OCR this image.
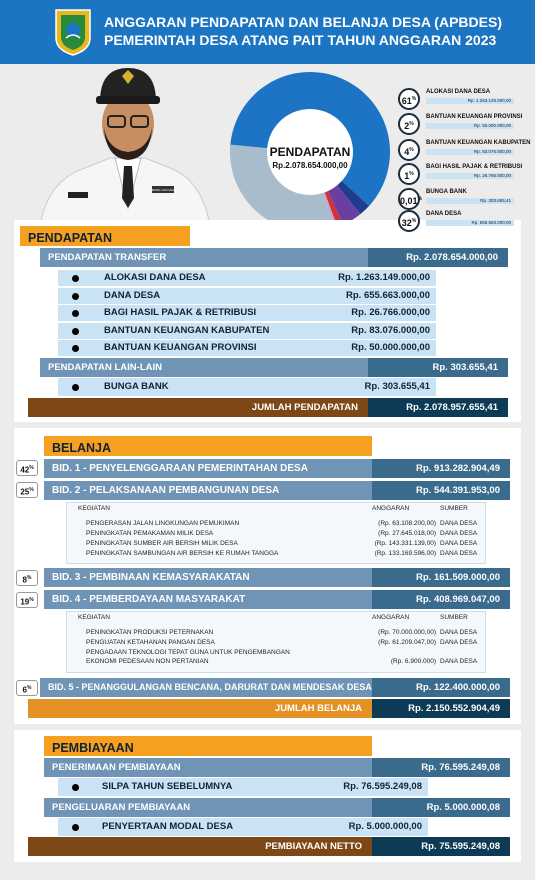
ANGGARAN PENDAPATAN DAN BELANJA DESA (APBDES)
PEMERINTAH DESA ATANG PAIT TAHUN ANGGARAN 2023
BANG GAS MAHESA
PENDAPATAN
Rp.2.078.654.000,00
PENDAPATAN
PENDAPATAN TRANSFER	Rp. 2.078.654.000,00
PENDAPATAN LAIN-LAIN	Rp. 303.655,41
BUNGA BANK	Rp. 303.655,41
JUMLAH PENDAPATAN	Rp. 2.078.957.655,41
BELANJA
42%	BID. 1 - PENYELENGGARAAN PEMERINTAHAN DESA	Rp. 913.282.904,49
25%	BID. 2 - PELAKSANAAN PEMBANGUNAN DESA	Rp. 544.391.953,00
8%	BID. 3 - PEMBINAAN KEMASYARAKATAN	Rp. 161.509.000,00
19%	BID. 4 - PEMBERDAYAAN MASYARAKAT	Rp. 408.969.047,00
6%	BID. 5 - PENANGGULANGAN BENCANA, DARURAT DAN MENDESAK DESA	Rp. 122.400.000,00
JUMLAH BELANJA	Rp. 2.150.552.904,49
PEMBIAYAAN
PENERIMAAN PEMBIAYAAN	Rp. 76.595.249,08
SILPA TAHUN SEBELUMNYA	Rp. 76.595.249,08
PENGELUARAN PEMBIAYAAN	Rp. 5.000.000,08
PENYERTAAN MODAL DESA	Rp. 5.000.000,00
PEMBIAYAAN NETTO	Rp. 75.595.249,08
ALOKASI DANA DESA	Rp. 1.263.149.000,00
DANA DESA	Rp. 655.663.000,00
BAGI HASIL PAJAK & RETRIBUSI	Rp. 26.766.000,00
BANTUAN KEUANGAN KABUPATEN	Rp. 83.076.000,00
BANTUAN KEUANGAN PROVINSI	Rp. 50.000.000,00
KEGIATAN	ANGGARAN	SUMBER
PENGERASAN JALAN LINGKUNGAN PEMUKIMAN	(Rp. 63.108.200,00) DANA DESA
PENINGKATAN PEMAKAMAN MILIK DESA	(Rp. 27.645.018,00) DANA DESA
PENINGKATAN SUMBER AIR BERSIH MILIK DESA	(Rp. 143.331.139,00) DANA DESA
PENINGKATAN SAMBUNGAN AIR BERSIH KE RUMAH TANGGA	(Rp. 133.169.596,00) DANA DESA
KEGIATAN	ANGGARAN	SUMBER
PENINGKATAN PRODUKSI PETERNAKAN	(Rp. 70.000.000,00) DANA DESA
PENGUATAN KETAHANAN PANGAN DESA	(Rp. 61.209.047,00) DANA DESA
PENGADAAN TEKNOLOGI TEPAT GUNA UNTUK PENGEMBANGAN
EKONOMI PEDESAAN NON PERTANIAN	(Rp. 6.900.000) DANA DESA
61%
ALOKASI DANA DESA
Rp. 1.263.149.000,00
2%
BANTUAN KEUANGAN PROVINSI
Rp. 50.000.000,00
4%
BANTUAN KEUANGAN KABUPATEN
Rp. 83.076.000,00
1%
BAGI HASIL PAJAK & RETRIBUSI
Rp. 26.766.000,00
0,01%
BUNGA BANK
Rp. 303.655,41
32%
DANA DESA
Rp. 655.663.000,00
